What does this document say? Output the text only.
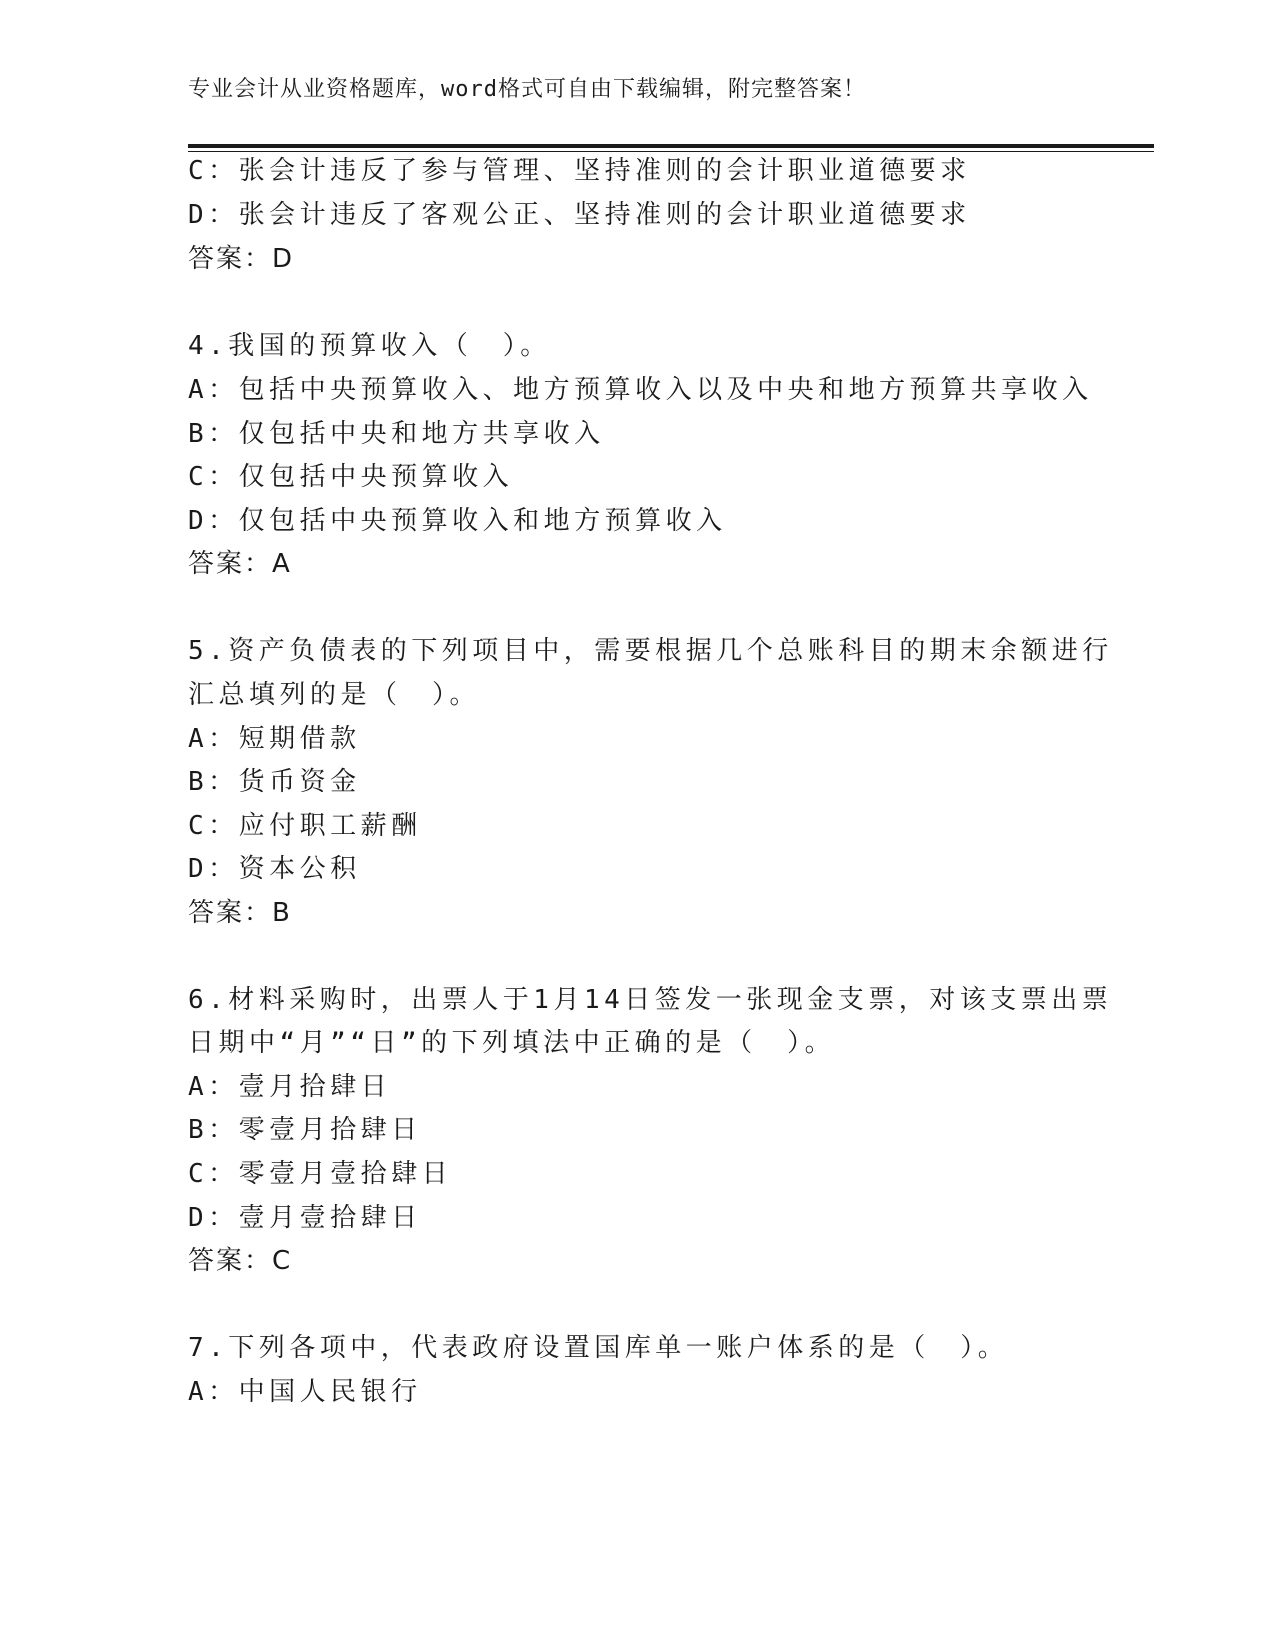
专业会计从业资格题库，word格式可自由下载编辑，附完整答案！
C：张会计违反了参与管理、坚持准则的会计职业道德要求
D：张会计违反了客观公正、坚持准则的会计职业道德要求
答案：D
4.我国的预算收入（　）。
A：包括中央预算收入、地方预算收入以及中央和地方预算共享收入
B：仅包括中央和地方共享收入
C：仅包括中央预算收入
D：仅包括中央预算收入和地方预算收入
答案：A
5.资产负债表的下列项目中，需要根据几个总账科目的期末余额进行
汇总填列的是（　）。
A：短期借款
B：货币资金
C：应付职工薪酬
D：资本公积
答案：B
6.材料采购时，出票人于1月14日签发一张现金支票，对该支票出票
日期中“月”“日”的下列填法中正确的是（　）。
A：壹月拾肆日
B：零壹月拾肆日
C：零壹月壹拾肆日
D：壹月壹拾肆日
答案：C
7.下列各项中，代表政府设置国库单一账户体系的是（　）。
A：中国人民银行
